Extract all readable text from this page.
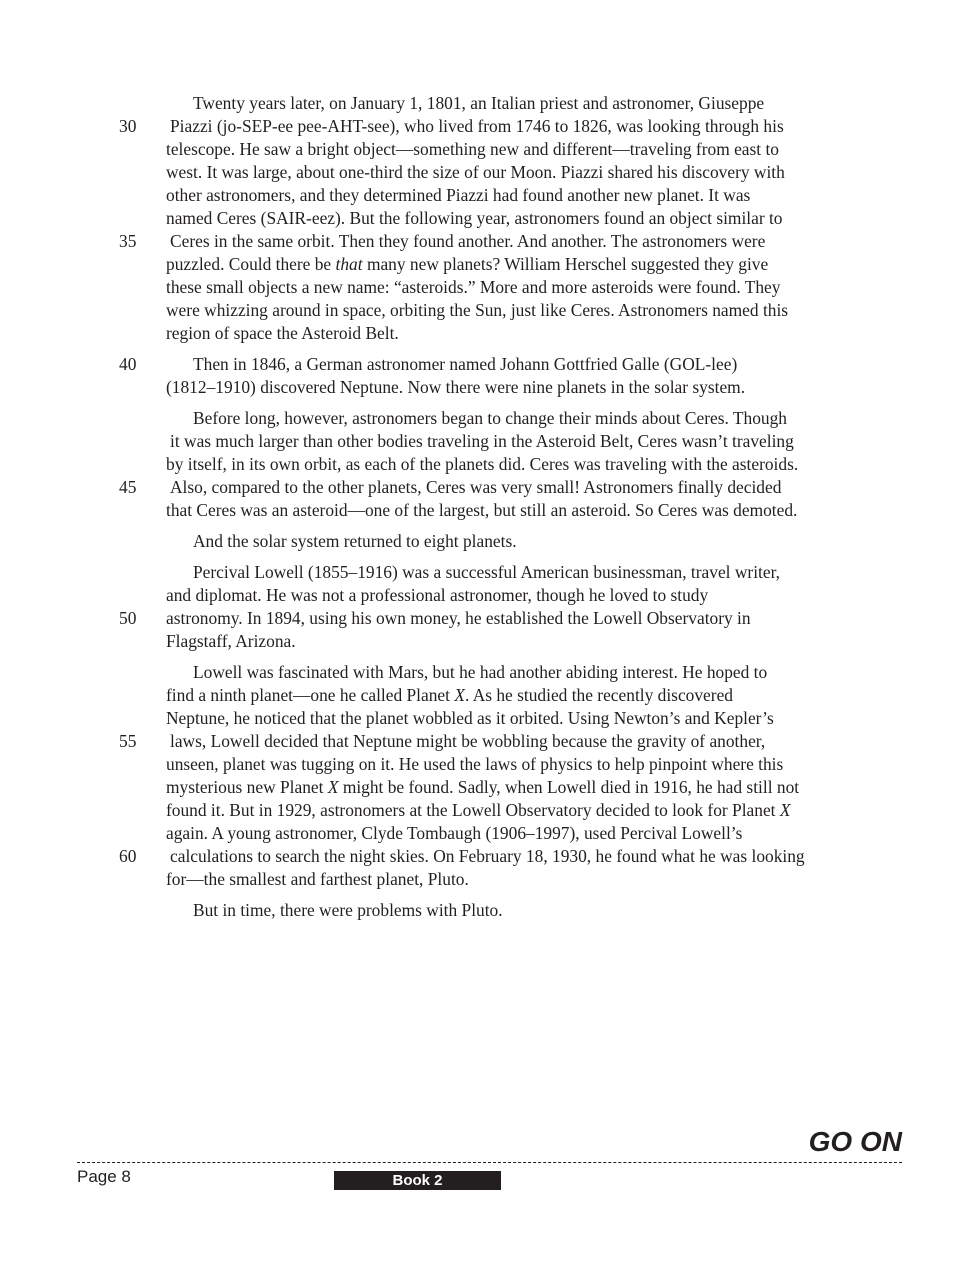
Twenty years later, on January 1, 1801, an Italian priest and astronomer, Giuseppe
30 Piazzi (jo-SEP-ee pee-AHT-see), who lived from 1746 to 1826, was looking through his
telescope. He saw a bright object—something new and different—traveling from east to
west. It was large, about one-third the size of our Moon. Piazzi shared his discovery with
other astronomers, and they determined Piazzi had found another new planet. It was
named Ceres (SAIR-eez). But the following year, astronomers found an object similar to
35 Ceres in the same orbit. Then they found another. And another. The astronomers were
puzzled. Could there be that many new planets? William Herschel suggested they give
these small objects a new name: “asteroids.” More and more asteroids were found. They
were whizzing around in space, orbiting the Sun, just like Ceres. Astronomers named this
region of space the Asteroid Belt.
40	Then in 1846, a German astronomer named Johann Gottfried Galle (GOL-lee)
(1812–1910) discovered Neptune. Now there were nine planets in the solar system.
Before long, however, astronomers began to change their minds about Ceres. Though
it was much larger than other bodies traveling in the Asteroid Belt, Ceres wasn’t traveling
by itself, in its own orbit, as each of the planets did. Ceres was traveling with the asteroids.
45 Also, compared to the other planets, Ceres was very small! Astronomers finally decided
that Ceres was an asteroid—one of the largest, but still an asteroid. So Ceres was demoted.
And the solar system returned to eight planets.
Percival Lowell (1855–1916) was a successful American businessman, travel writer,
and diplomat. He was not a professional astronomer, though he loved to study
50 astronomy. In 1894, using his own money, he established the Lowell Observatory in
Flagstaff, Arizona.
Lowell was fascinated with Mars, but he had another abiding interest. He hoped to
find a ninth planet—one he called Planet X. As he studied the recently discovered
Neptune, he noticed that the planet wobbled as it orbited. Using Newton’s and Kepler’s
55 laws, Lowell decided that Neptune might be wobbling because the gravity of another,
unseen, planet was tugging on it. He used the laws of physics to help pinpoint where this
mysterious new Planet X might be found. Sadly, when Lowell died in 1916, he had still not
found it. But in 1929, astronomers at the Lowell Observatory decided to look for Planet X
again. A young astronomer, Clyde Tombaugh (1906–1997), used Percival Lowell’s
60 calculations to search the night skies. On February 18, 1930, he found what he was looking
for—the smallest and farthest planet, Pluto.
But in time, there were problems with Pluto.
GO ON
Page 8	Book 2
